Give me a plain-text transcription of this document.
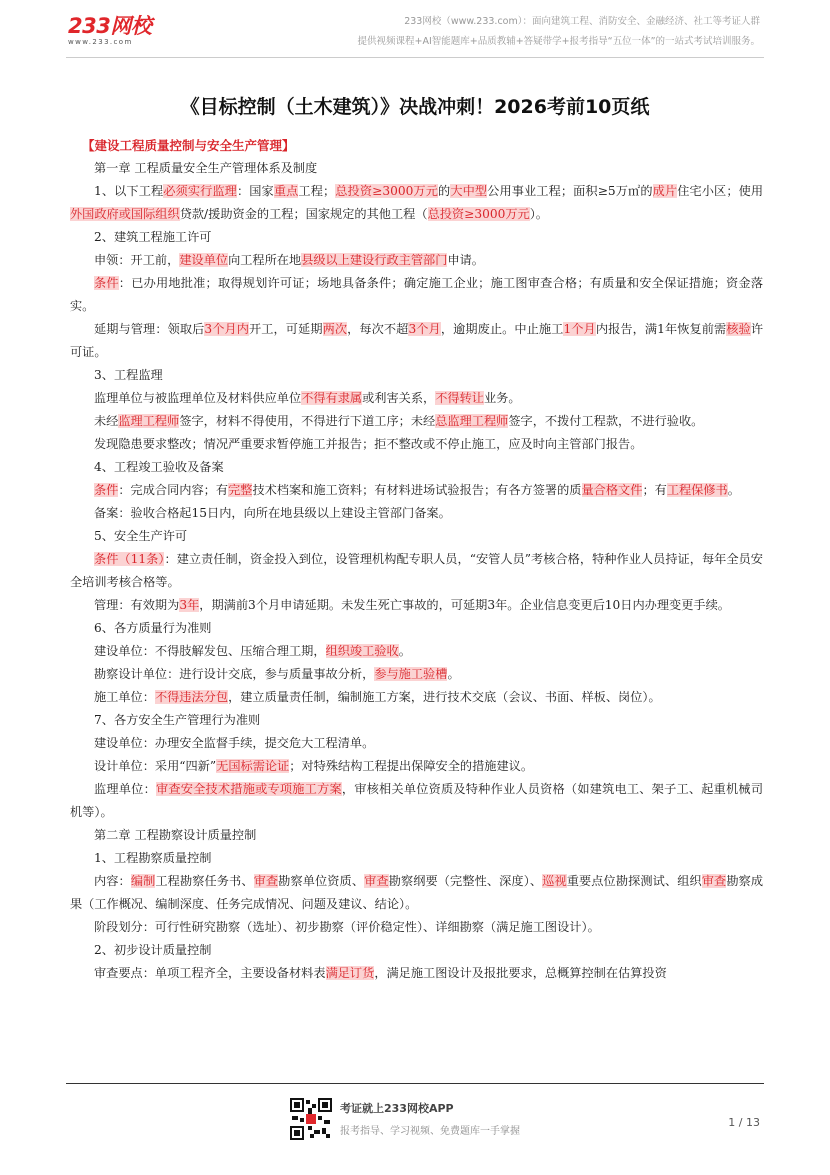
233网校
www.233.com
233网校（www.233.com）：面向建筑工程、消防安全、金融经济、社工等考证人群
提供视频课程+AI智能题库+品质教辅+答疑带学+报考指导“五位一体”的一站式考试培训服务。
《目标控制（土木建筑）》决战冲刺！2026考前10页纸

【建设工程质量控制与安全生产管理】

第一章 工程质量安全生产管理体系及制度

1、以下工程必须实行监理：国家重点工程；总投资≥3000万元的大中型公用事业工程；面积≥5万㎡的成片住宅小区；使用外国政府或国际组织贷款/援助资金的工程；国家规定的其他工程（总投资≥3000万元）。

2、建筑工程施工许可

申领：开工前，建设单位向工程所在地县级以上建设行政主管部门申请。

条件：已办用地批准；取得规划许可证；场地具备条件；确定施工企业；施工图审查合格；有质量和安全保证措施；资金落实。

延期与管理：领取后3个月内开工，可延期两次，每次不超3个月，逾期废止。中止施工1个月内报告，满1年恢复前需核验许可证。

3、工程监理

监理单位与被监理单位及材料供应单位不得有隶属或利害关系，不得转让业务。

未经监理工程师签字，材料不得使用，不得进行下道工序；未经总监理工程师签字，不拨付工程款，不进行验收。

发现隐患要求整改；情况严重要求暂停施工并报告；拒不整改或不停止施工，应及时向主管部门报告。

4、工程竣工验收及备案

条件：完成合同内容；有完整技术档案和施工资料；有材料进场试验报告；有各方签署的质量合格文件；有工程保修书。

备案：验收合格起15日内，向所在地县级以上建设主管部门备案。

5、安全生产许可

条件（11条）：建立责任制，资金投入到位，设管理机构配专职人员，“安管人员”考核合格，特种作业人员持证，每年全员安全培训考核合格等。

管理：有效期为3年，期满前3个月申请延期。未发生死亡事故的，可延期3年。企业信息变更后10日内办理变更手续。

6、各方质量行为准则

建设单位：不得肢解发包、压缩合理工期，组织竣工验收。

勘察设计单位：进行设计交底，参与质量事故分析，参与施工验槽。

施工单位：不得违法分包，建立质量责任制，编制施工方案，进行技术交底（会议、书面、样板、岗位）。

7、各方安全生产管理行为准则

建设单位：办理安全监督手续，提交危大工程清单。

设计单位：采用“四新”无国标需论证；对特殊结构工程提出保障安全的措施建议。

监理单位：审查安全技术措施或专项施工方案，审核相关单位资质及特种作业人员资格（如建筑电工、架子工、起重机械司机等）。

第二章 工程勘察设计质量控制

1、工程勘察质量控制

内容：编制工程勘察任务书、审查勘察单位资质、审查勘察纲要（完整性、深度）、巡视重要点位勘探测试、组织审查勘察成果（工作概况、编制深度、任务完成情况、问题及建议、结论）。

阶段划分：可行性研究勘察（选址）、初步勘察（评价稳定性）、详细勘察（满足施工图设计）。

2、初步设计质量控制

审查要点：单项工程齐全，主要设备材料表满足订货，满足施工图设计及报批要求，总概算控制在估算投资

考证就上233网校APP
报考指导、学习视频、免费题库一手掌握
1 / 13
